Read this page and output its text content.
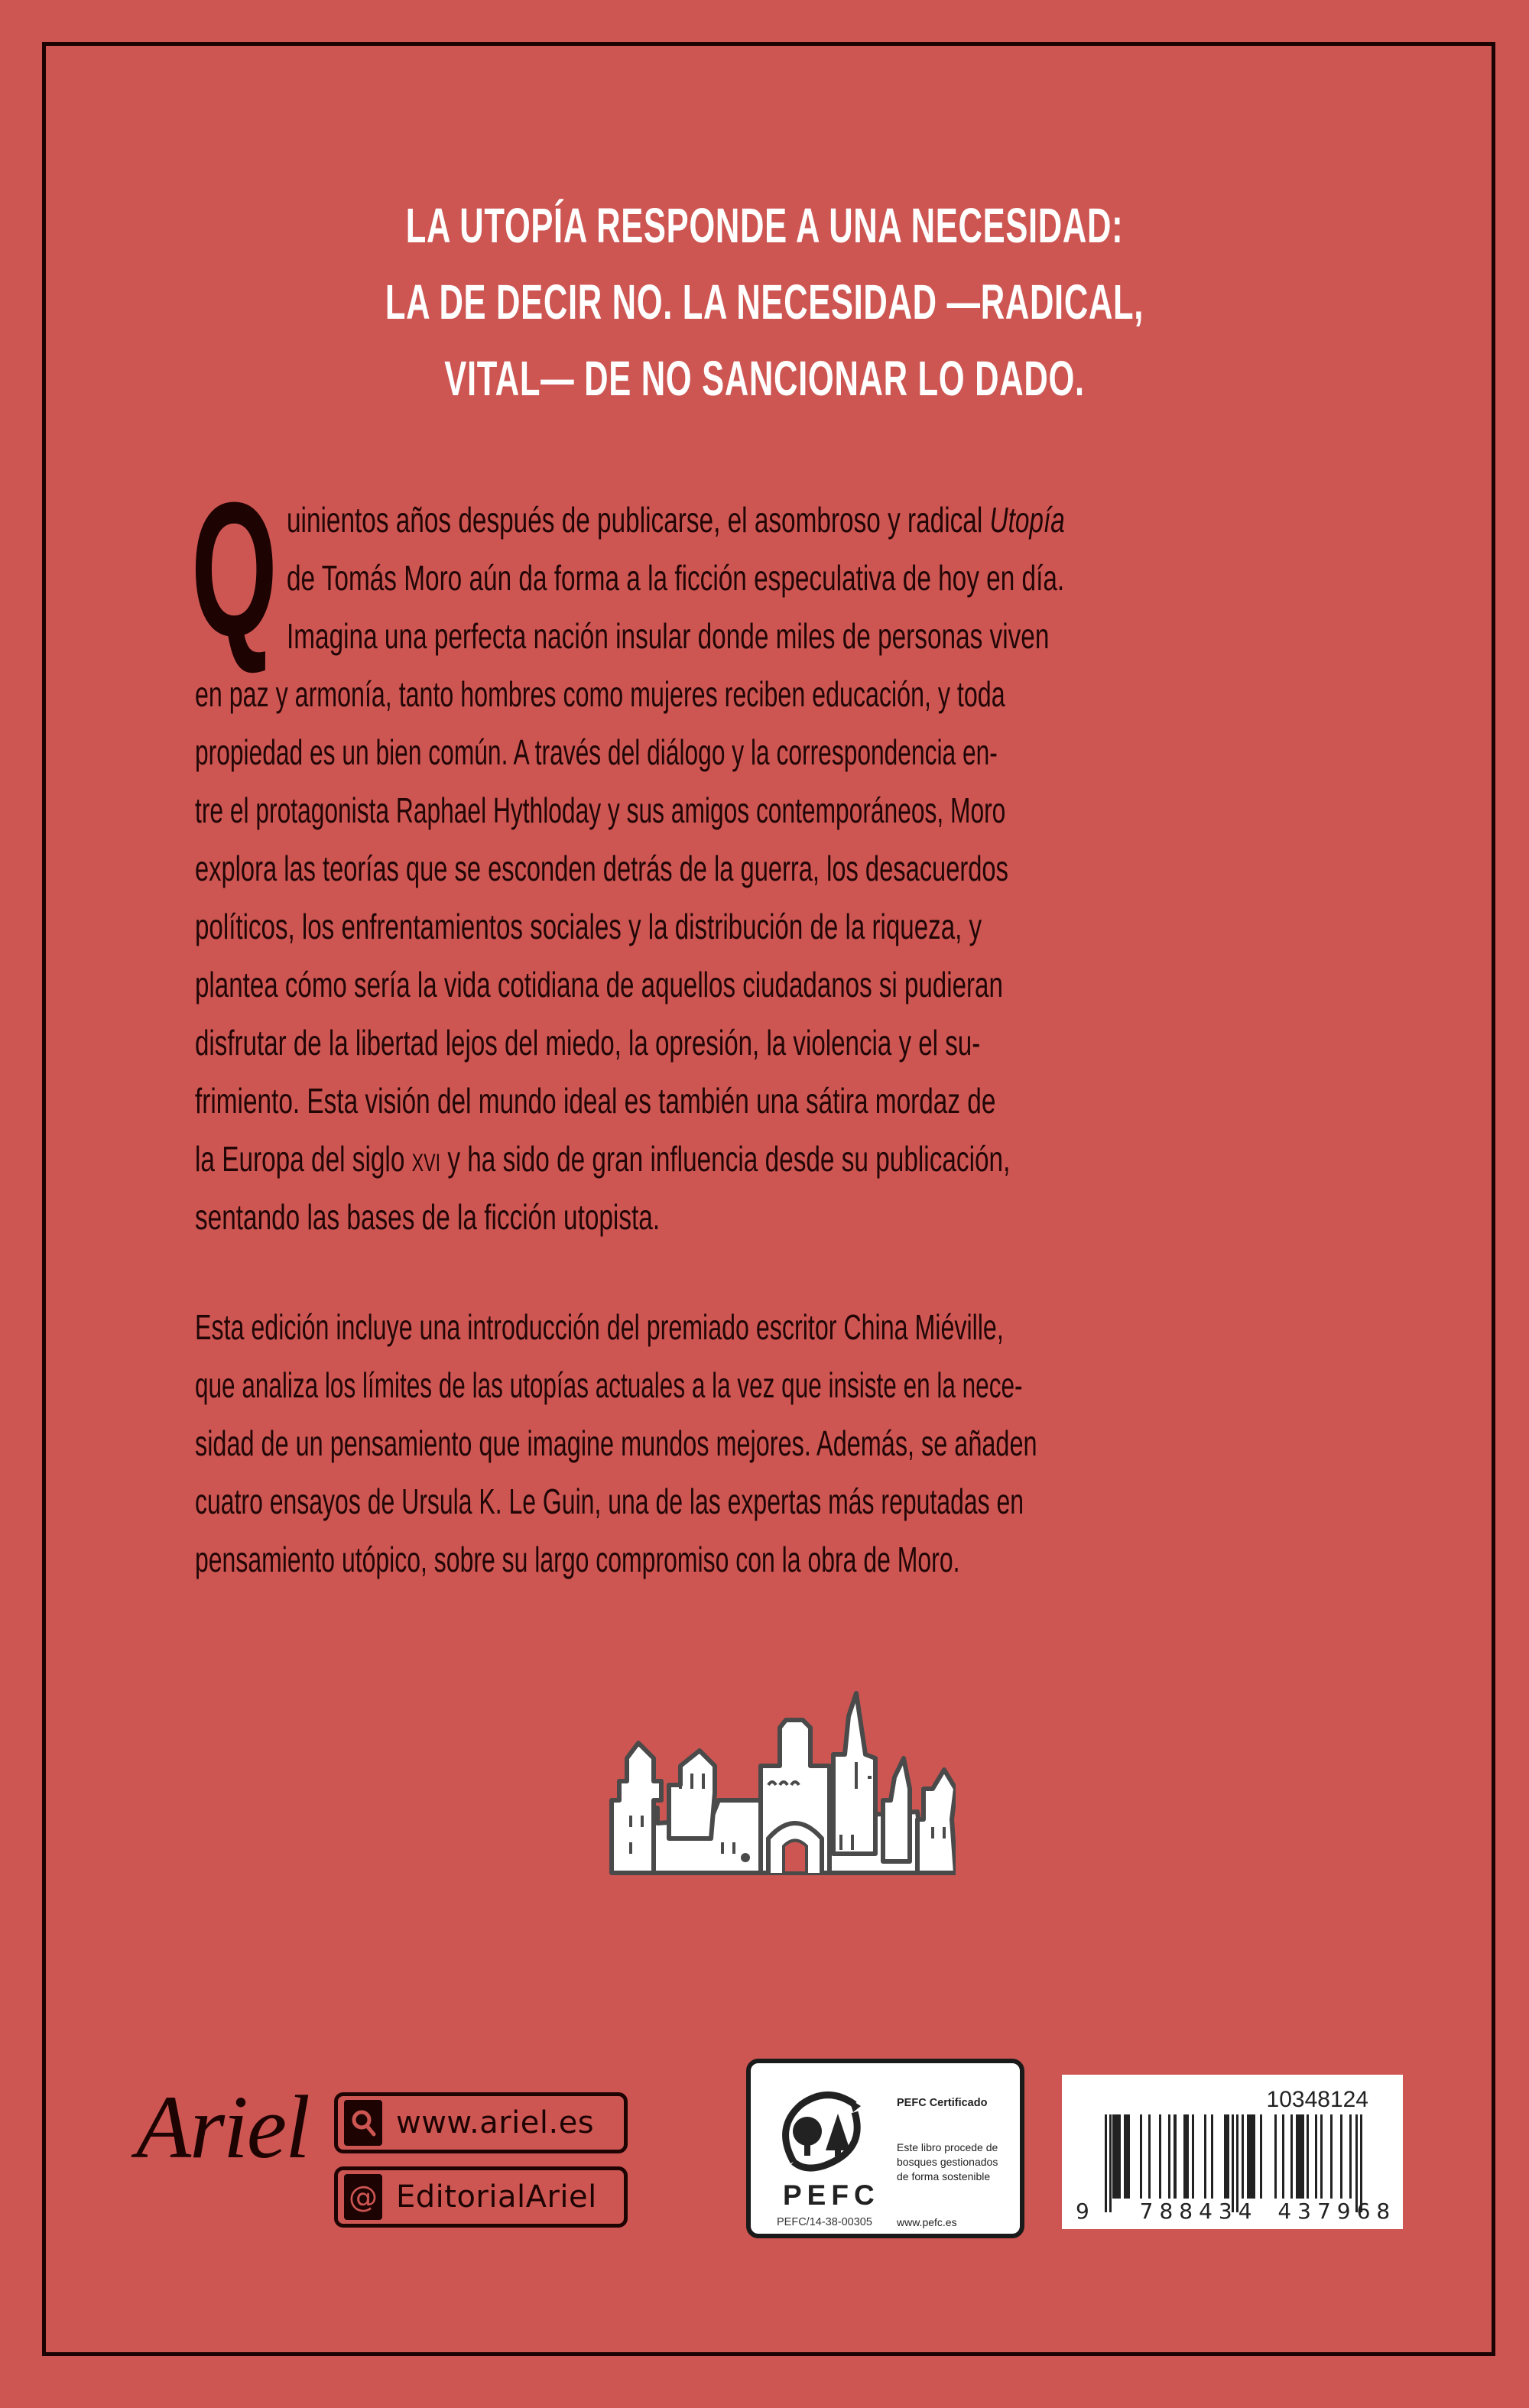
LA UTOPÍA RESPONDE A UNA NECESIDAD:
LA DE DECIR NO. LA NECESIDAD —RADICAL,
VITAL— DE NO SANCIONAR LO DADO.
Q uinientos años después de publicarse, el asombroso y radical Utopía
de Tomás Moro aún da forma a la ficción especulativa de hoy en día.
Imagina una perfecta nación insular donde miles de personas viven
en paz y armonía, tanto hombres como mujeres reciben educación, y toda
propiedad es un bien común. A través del diálogo y la correspondencia en-
tre el protagonista Raphael Hythloday y sus amigos contemporáneos, Moro
explora las teorías que se esconden detrás de la guerra, los desacuerdos
políticos, los enfrentamientos sociales y la distribución de la riqueza, y
plantea cómo sería la vida cotidiana de aquellos ciudadanos si pudieran
disfrutar de la libertad lejos del miedo, la opresión, la violencia y el su-
frimiento. Esta visión del mundo ideal es también una sátira mordaz de
la Europa del siglo XVI y ha sido de gran influencia desde su publicación,
sentando las bases de la ficción utopista.
Esta edición incluye una introducción del premiado escritor China Miéville,
que analiza los límites de las utopías actuales a la vez que insiste en la nece-
sidad de un pensamiento que imagine mundos mejores. Además, se añaden
cuatro ensayos de Ursula K. Le Guin, una de las expertas más reputadas en
pensamiento utópico, sobre su largo compromiso con la obra de Moro.
Ariel	www.ariel.es
@ EditorialAriel	PEFC
PEFC/14-38-00305
PEFC Certificado
Este libro procede de
bosques gestionados
de forma sostenible
www.pefc.es
10348124
9 788434 437968
